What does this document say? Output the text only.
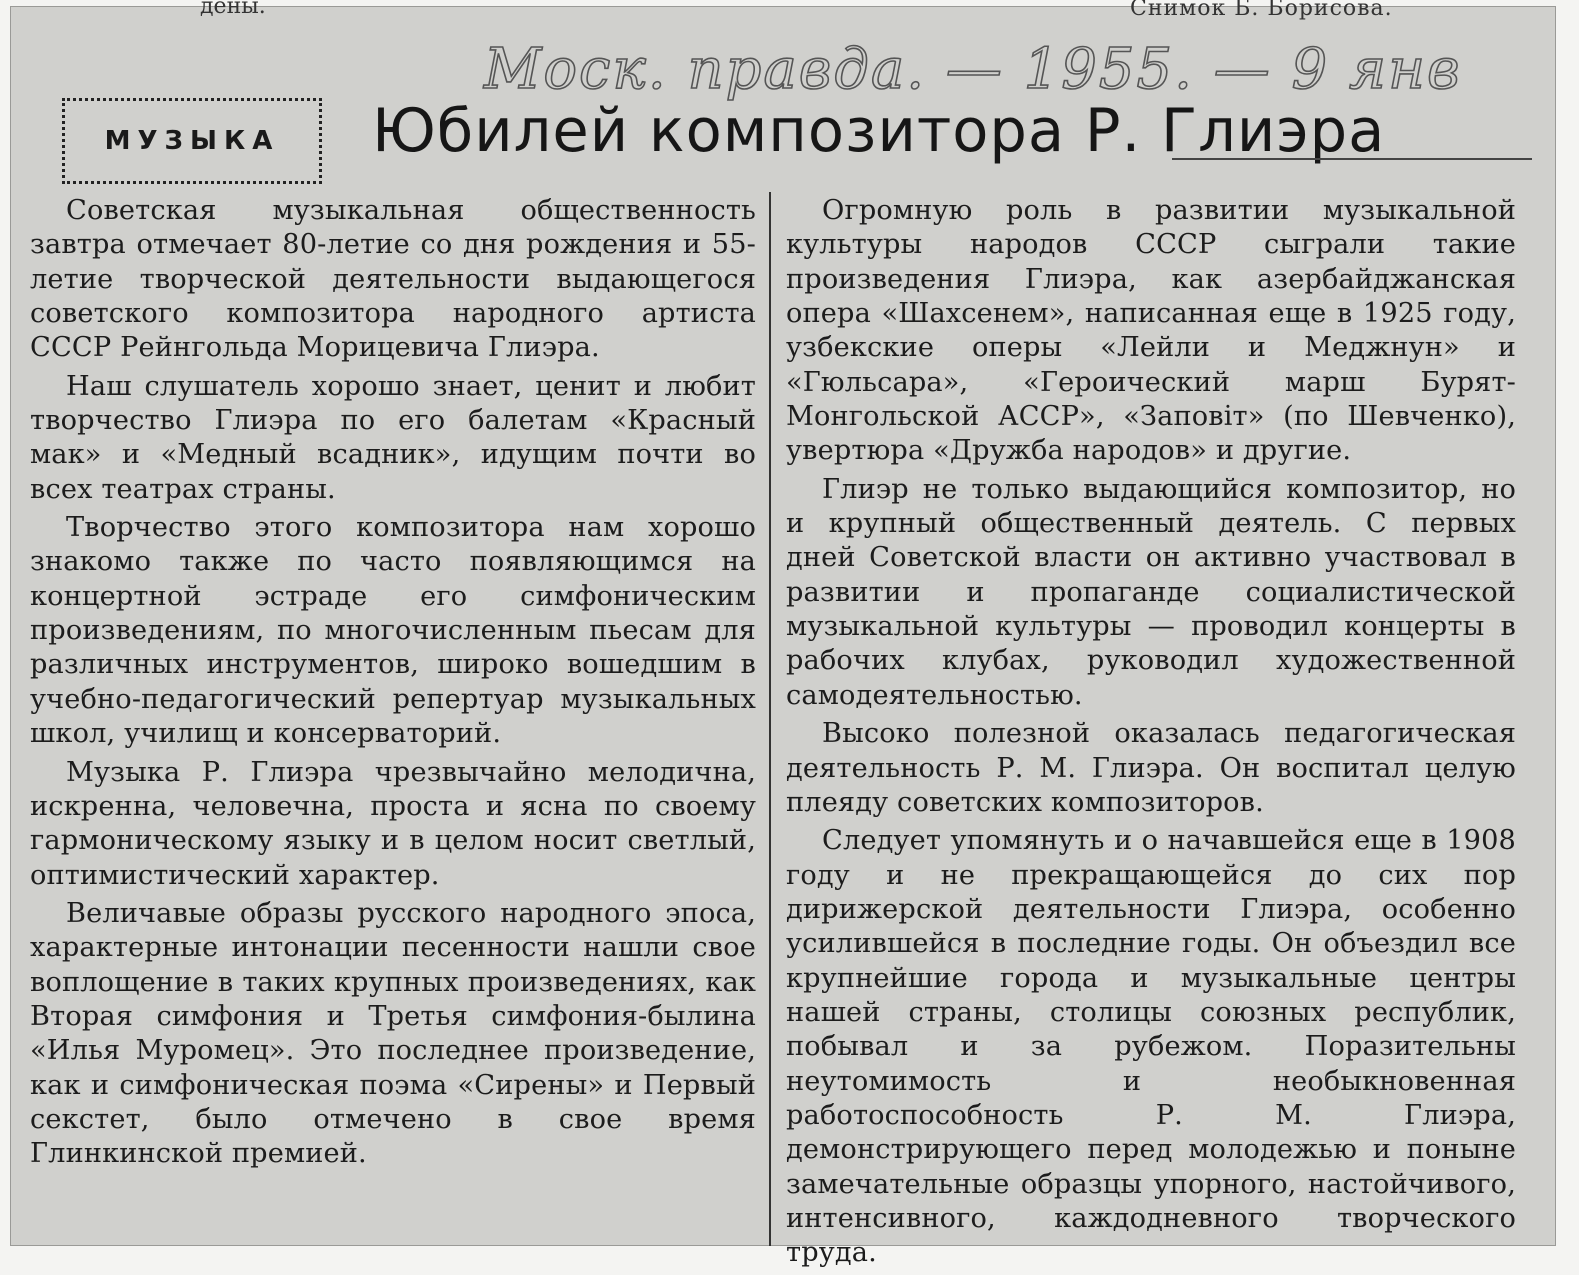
дены.	Снимок Б. Борисова.
Моск. правда. — 1955. — 9 янв
МУЗЫКА Юбилей композитора Р. Глиэра

Советская музыкальная общественность завтра отмечает 80-летие со дня рождения и 55-летие творческой деятельности выдающегося советского композитора народного артиста СССР Рейнгольда Морицевича Глиэра.

Наш слушатель хорошо знает, ценит и любит творчество Глиэра по его балетам «Красный мак» и «Медный всадник», идущим почти во всех театрах страны.

Творчество этого композитора нам хорошо знакомо также по часто появляющимся на концертной эстраде его симфоническим произведениям, по многочисленным пьесам для различных инструментов, широко вошедшим в учебно-педагогический репертуар музыкальных школ, училищ и консерваторий.

Музыка Р. Глиэра чрезвычайно мелодична, искренна, человечна, проста и ясна по своему гармоническому языку и в целом носит светлый, оптимистический характер.

Величавые образы русского народного эпоса, характерные интонации песенности нашли свое воплощение в таких крупных произведениях, как Вторая симфония и Третья симфония-былина «Илья Муромец». Это последнее произведение, как и симфоническая поэма «Сирены» и Первый секстет, было отмечено в свое время Глинкинской премией.

Огромную роль в развитии музыкальной культуры народов СССР сыграли такие произведения Глиэра, как азербайджанская опера «Шахсенем», написанная еще в 1925 году, узбекские оперы «Лейли и Меджнун» и «Гюльсара», «Героический марш Бурят-Монгольской АССР», «Заповiт» (по Шевченко), увертюра «Дружба народов» и другие.

Глиэр не только выдающийся композитор, но и крупный общественный деятель. С первых дней Советской власти он активно участвовал в развитии и пропаганде социалистической музыкальной культуры — проводил концерты в рабочих клубах, руководил художественной самодеятельностью.

Высоко полезной оказалась педагогическая деятельность Р. М. Глиэра. Он воспитал целую плеяду советских композиторов.

Следует упомянуть и о начавшейся еще в 1908 году и не прекращающейся до сих пор дирижерской деятельности Глиэра, особенно усилившейся в последние годы. Он объездил все крупнейшие города и музыкальные центры нашей страны, столицы союзных республик, побывал и за рубежом. Поразительны неутомимость и необыкновенная работоспособность Р. М. Глиэра, демонстрирующего перед молодежью и поныне замечательные образцы упорного, настойчивого, интенсивного, каждодневного творческого труда.
